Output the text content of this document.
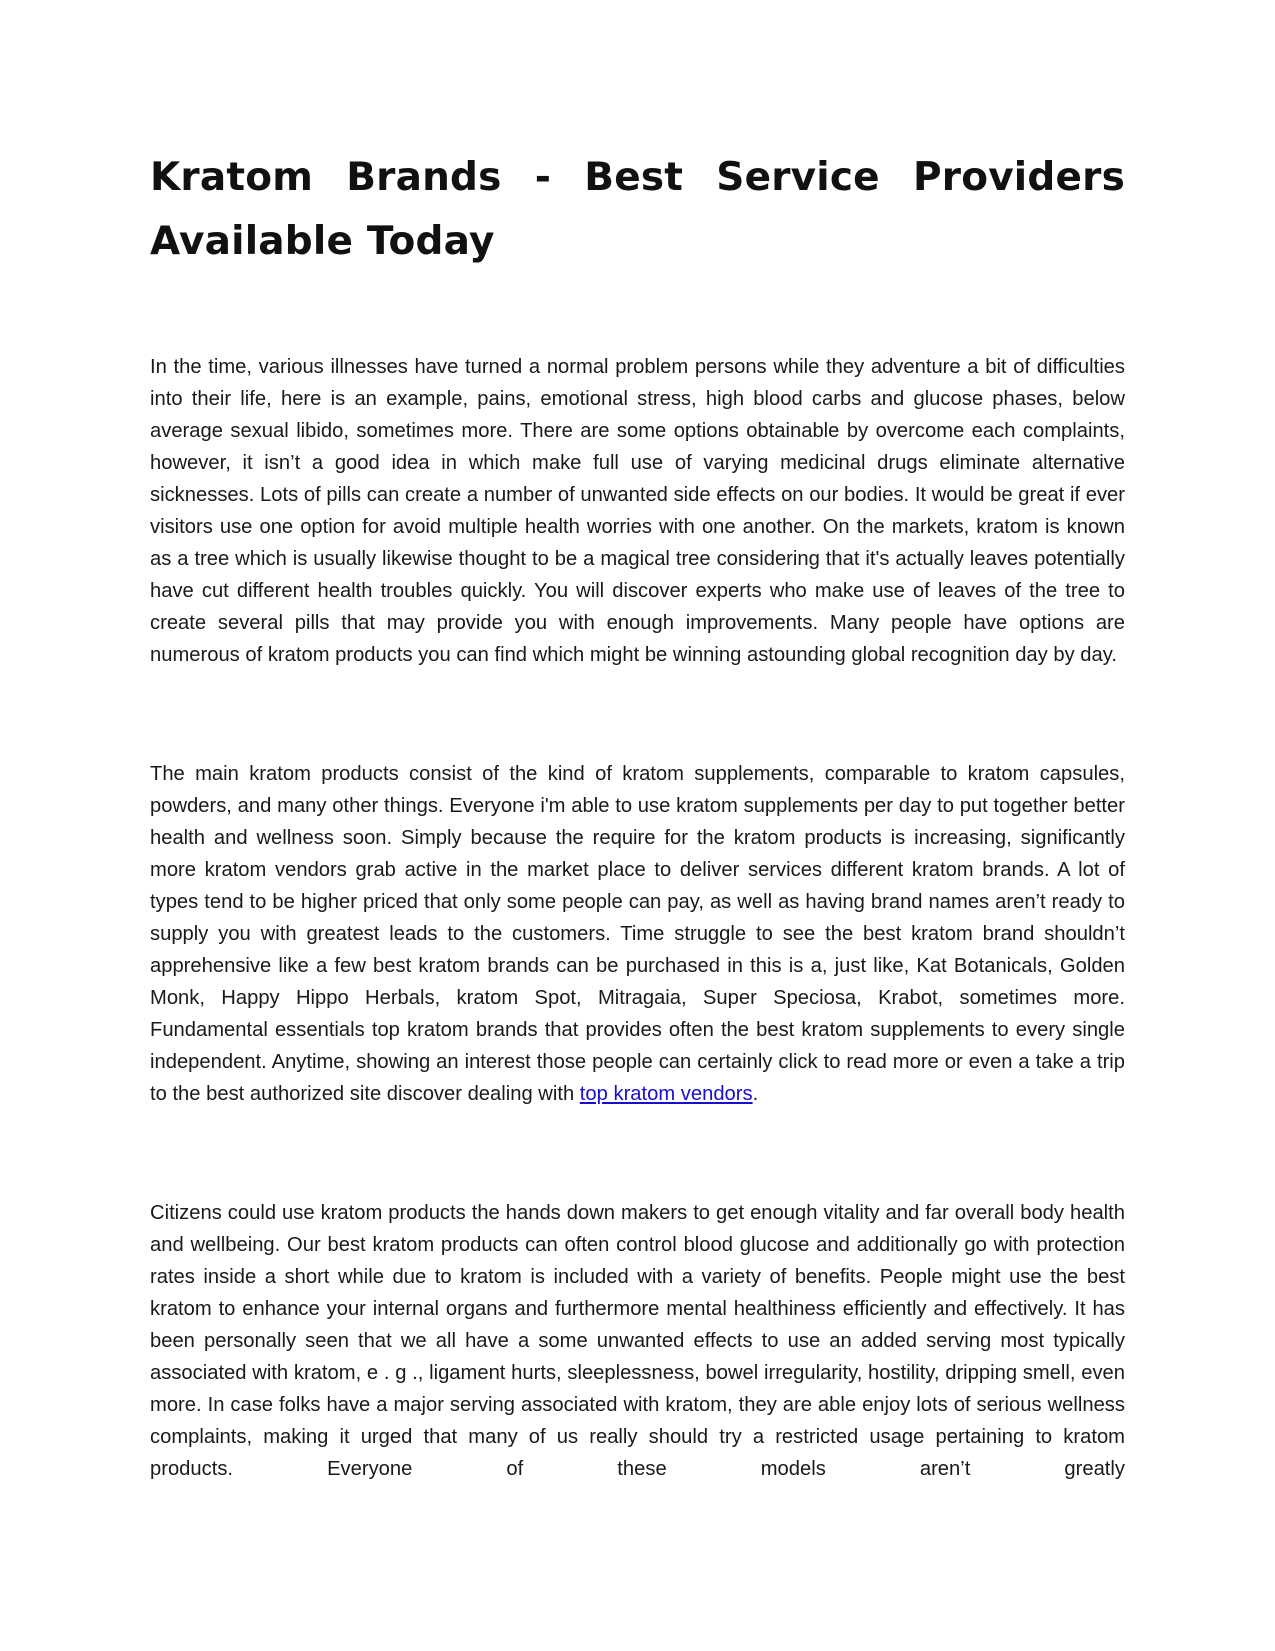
Kratom Brands - Best Service Providers Available Today

In the time, various illnesses have turned a normal problem persons while they adventure a bit of difficulties into their life, here is an example, pains, emotional stress, high blood carbs and glucose phases, below average sexual libido, sometimes more. There are some options obtainable by overcome each complaints, however, it isn’t a good idea in which make full use of varying medicinal drugs eliminate alternative sicknesses. Lots of pills can create a number of unwanted side effects on our bodies. It would be great if ever visitors use one option for avoid multiple health worries with one another. On the markets, kratom is known as a tree which is usually likewise thought to be a magical tree considering that it's actually leaves potentially have cut different health troubles quickly. You will discover experts who make use of leaves of the tree to create several pills that may provide you with enough improvements. Many people have options are numerous of kratom products you can find which might be winning astounding global recognition day by day.

The main kratom products consist of the kind of kratom supplements, comparable to kratom capsules, powders, and many other things. Everyone i'm able to use kratom supplements per day to put together better health and wellness soon. Simply because the require for the kratom products is increasing, significantly more kratom vendors grab active in the market place to deliver services different kratom brands. A lot of types tend to be higher priced that only some people can pay, as well as having brand names aren’t ready to supply you with greatest leads to the customers. Time struggle to see the best kratom brand shouldn’t apprehensive like a few best kratom brands can be purchased in this is a, just like, Kat Botanicals, Golden Monk, Happy Hippo Herbals, kratom Spot, Mitragaia, Super Speciosa, Krabot, sometimes more. Fundamental essentials top kratom brands that provides often the best kratom supplements to every single independent. Anytime, showing an interest those people can certainly click to read more or even a take a trip to the best authorized site discover dealing with top kratom vendors.

Citizens could use kratom products the hands down makers to get enough vitality and far overall body health and wellbeing. Our best kratom products can often control blood glucose and additionally go with protection rates inside a short while due to kratom is included with a variety of benefits. People might use the best kratom to enhance your internal organs and furthermore mental healthiness efficiently and effectively. It has been personally seen that we all have a some unwanted effects to use an added serving most typically associated with kratom, e . g ., ligament hurts, sleeplessness, bowel irregularity, hostility, dripping smell, even more. In case folks have a major serving associated with kratom, they are able enjoy lots of serious wellness complaints, making it urged that many of us really should try a restricted usage pertaining to kratom products. Everyone of these models aren’t greatly
